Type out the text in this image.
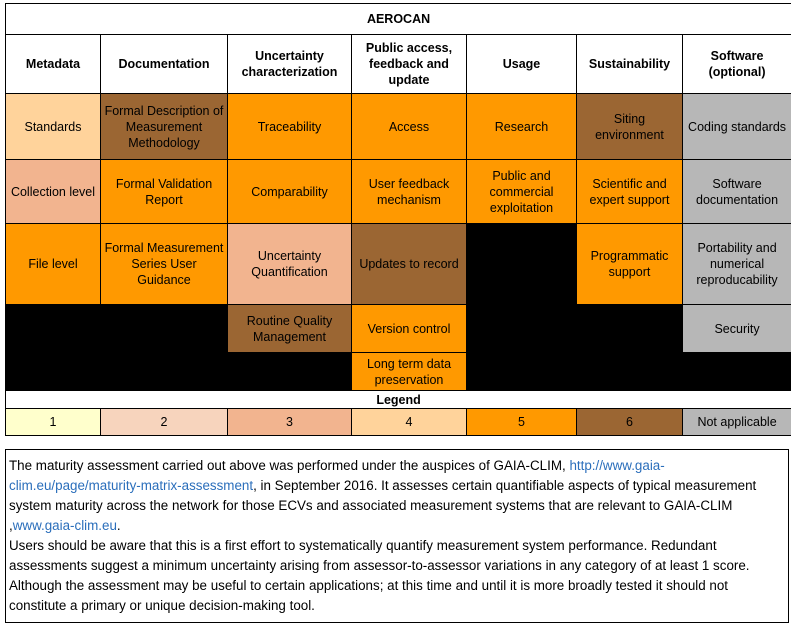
AEROCAN						
Metadata	Documentation	Uncertainty characterization	Public access, feedback and update	Usage	Sustainability	Software (optional)
Standards	Formal Description of Measurement Methodology	Traceability	Access	Research	Siting environment	Coding standards
Collection level	Formal Validation Report	Comparability	User feedback mechanism	Public and commercial exploitation	Scientific and expert support	Software documentation
File level	Formal Measurement Series User Guidance	Uncertainty Quantification	Updates to record		Programmatic support	Portability and numerical reproducability
		Routine Quality Management	Version control			Security
			Long term data preservation			
Legend						
1	2	3	4	5	6	Not applicable
The maturity assessment carried out above was performed under the auspices of GAIA-CLIM, http://www.gaia-clim.eu/page/maturity-matrix-assessment, in September 2016. It assesses certain quantifiable aspects of typical measurement system maturity across the network for those ECVs and associated measurement systems that are relevant to GAIA-CLIM ,www.gaia-clim.eu.
Users should be aware that this is a first effort to systematically quantify measurement system performance. Redundant assessments suggest a minimum uncertainty arising from assessor-to-assessor variations in any category of at least 1 score. Although the assessment may be useful to certain applications; at this time and until it is more broadly tested it should not constitute a primary or unique decision-making tool.
